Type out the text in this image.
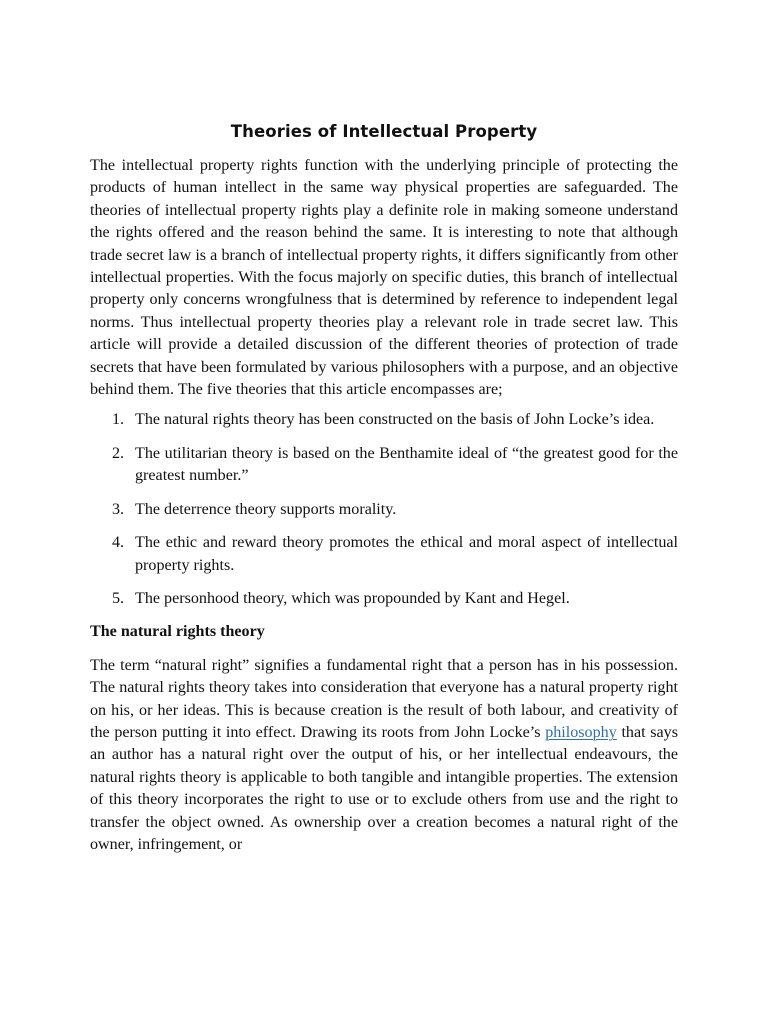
Theories of Intellectual Property

The intellectual property rights function with the underlying principle of protecting the products of human intellect in the same way physical properties are safeguarded. The theories of intellectual property rights play a definite role in making someone understand the rights offered and the reason behind the same. It is interesting to note that although trade secret law is a branch of intellectual property rights, it differs significantly from other intellectual properties. With the focus majorly on specific duties, this branch of intellectual property only concerns wrongfulness that is determined by reference to independent legal norms. Thus intellectual property theories play a relevant role in trade secret law. This article will provide a detailed discussion of the different theories of protection of trade secrets that have been formulated by various philosophers with a purpose, and an objective behind them. The five theories that this article encompasses are;

1. The natural rights theory has been constructed on the basis of John Locke’s idea.
2. The utilitarian theory is based on the Benthamite ideal of “the greatest good for the greatest number.”
3. The deterrence theory supports morality.
4. The ethic and reward theory promotes the ethical and moral aspect of intellectual property rights.
5. The personhood theory, which was propounded by Kant and Hegel.
The natural rights theory

The term “natural right” signifies a fundamental right that a person has in his possession. The natural rights theory takes into consideration that everyone has a natural property right on his, or her ideas. This is because creation is the result of both labour, and creativity of the person putting it into effect. Drawing its roots from John Locke’s philosophy that says an author has a natural right over the output of his, or her intellectual endeavours, the natural rights theory is applicable to both tangible and intangible properties. The extension of this theory incorporates the right to use or to exclude others from use and the right to transfer the object owned. As ownership over a creation becomes a natural right of the owner, infringement, or
